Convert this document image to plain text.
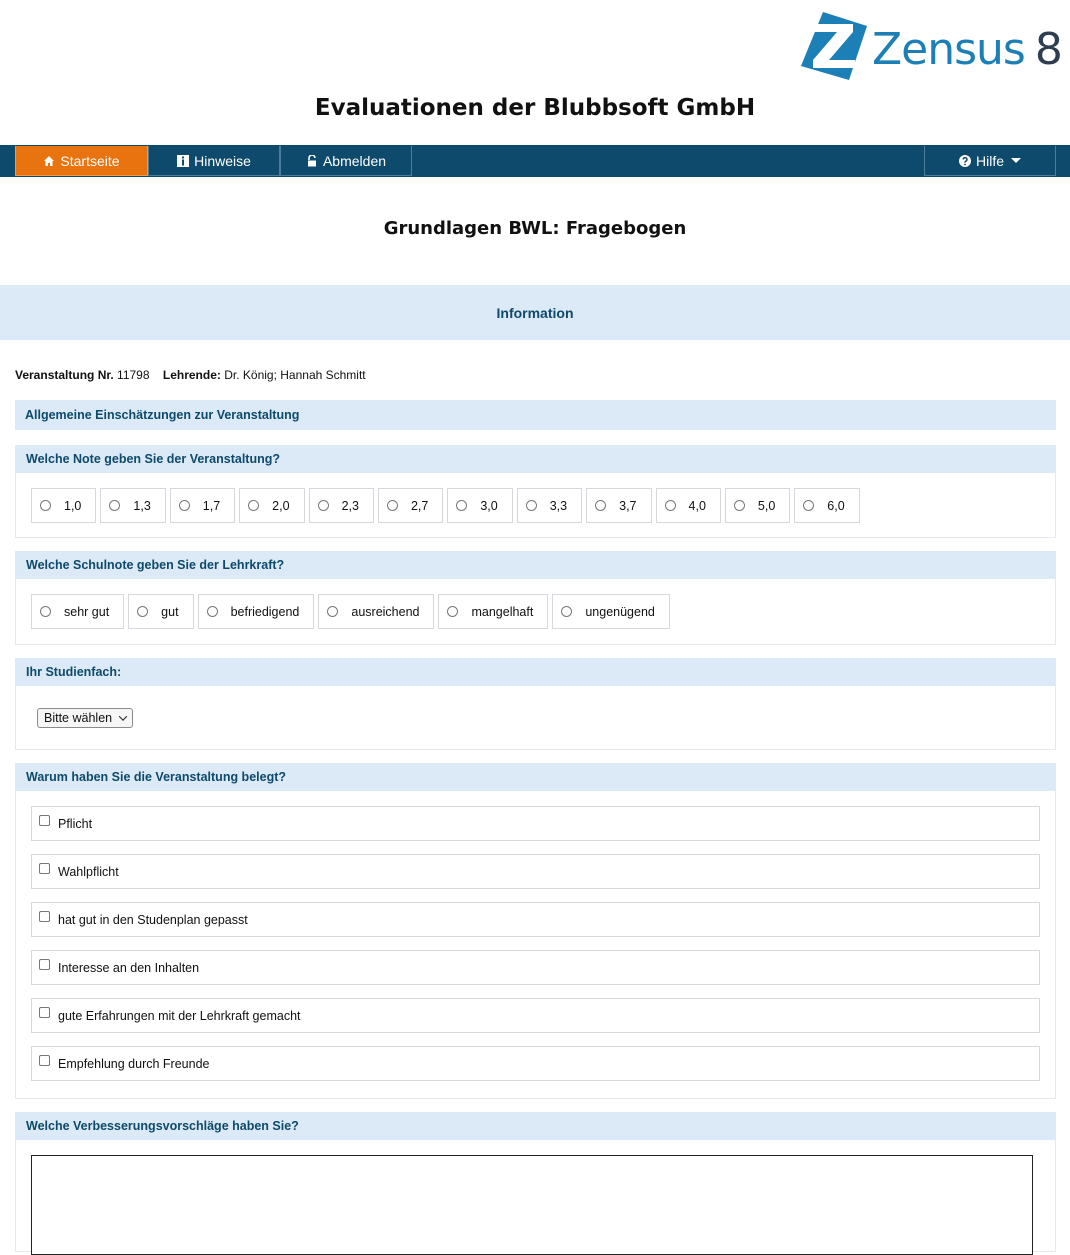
Zensus 8
Evaluationen der Blubbsoft GmbH
Startseite	Hinweise	Abmelden	Hilfe
Grundlagen BWL: Fragebogen
Information
Veranstaltung Nr. 11798 Lehrende: Dr. König; Hannah Schmitt
Allgemeine Einschätzungen zur Veranstaltung
Welche Note geben Sie der Veranstaltung?
1,0	1,3	1,7	2,0	2,3	2,7	3,0	3,3	3,7	4,0	5,0	6,0
Welche Schulnote geben Sie der Lehrkraft?
sehr gut	gut	befriedigend	ausreichend	mangelhaft	ungenügend
Ihr Studienfach:
Bitte wählen
Warum haben Sie die Veranstaltung belegt?
Pflicht
Wahlpflicht
hat gut in den Studenplan gepasst
Interesse an den Inhalten
gute Erfahrungen mit der Lehrkraft gemacht
Empfehlung durch Freunde
Welche Verbesserungsvorschläge haben Sie?
